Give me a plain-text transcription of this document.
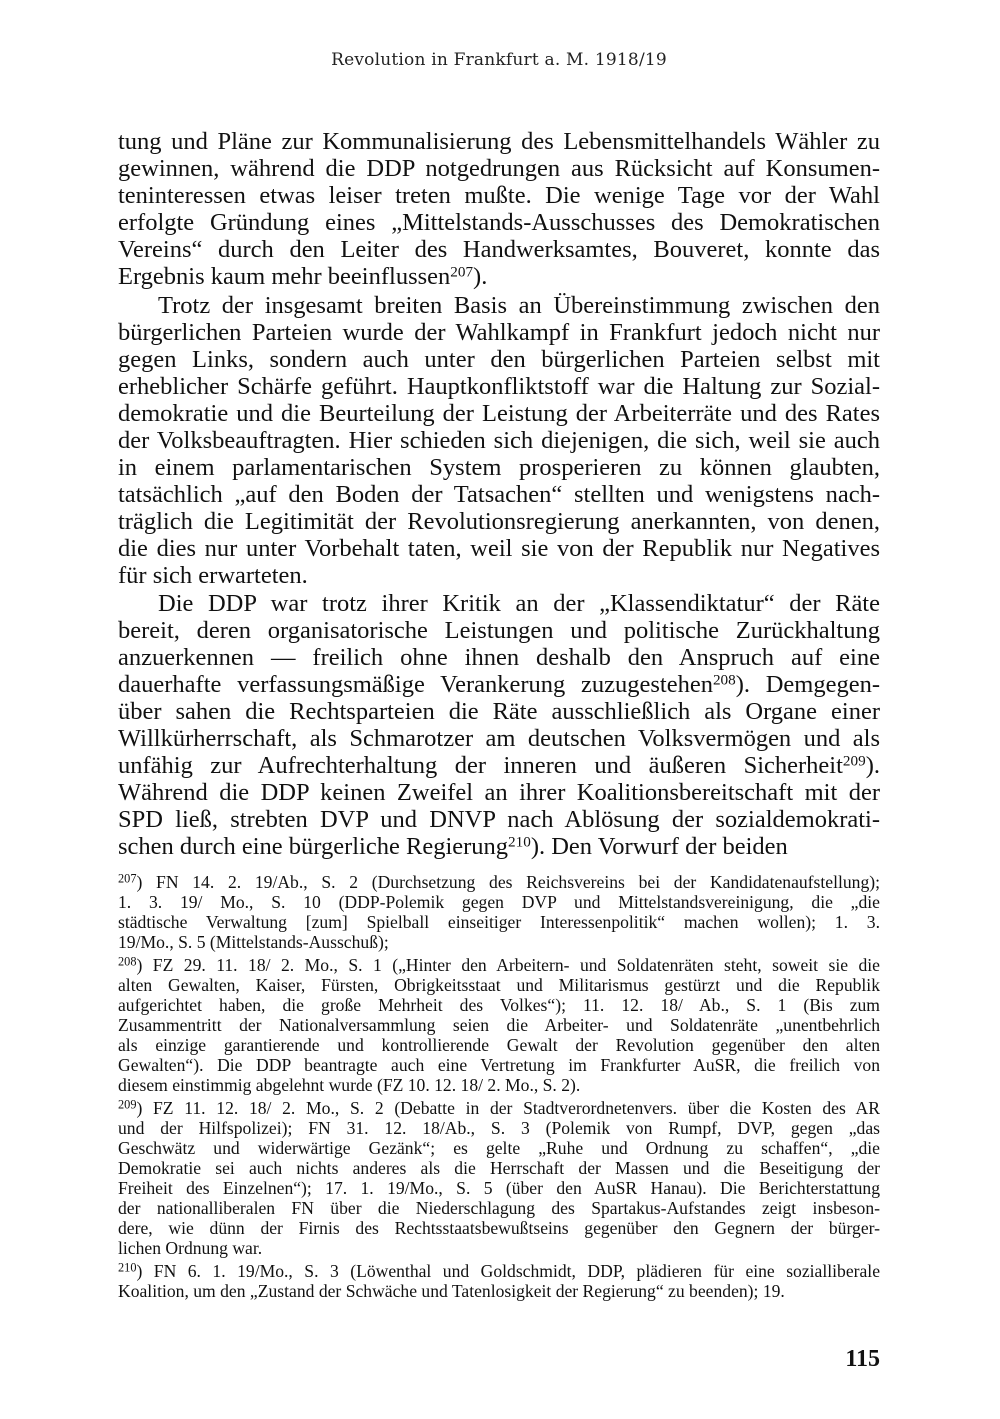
Revolution in Frankfurt a. M. 1918/19
tung und Pläne zur Kommunalisierung des Lebensmittelhandels Wähler zu
gewinnen, während die DDP notgedrungen aus Rücksicht auf Konsumen-
teninteressen etwas leiser treten mußte. Die wenige Tage vor der Wahl
erfolgte Gründung eines „Mittelstands-Ausschusses des Demokratischen
Vereins“ durch den Leiter des Handwerksamtes, Bouveret, konnte das
Ergebnis kaum mehr beeinflussen$^{207}$).
Trotz der insgesamt breiten Basis an Übereinstimmung zwischen den
bürgerlichen Parteien wurde der Wahlkampf in Frankfurt jedoch nicht nur
gegen Links, sondern auch unter den bürgerlichen Parteien selbst mit
erheblicher Schärfe geführt. Hauptkonfliktstoff war die Haltung zur Sozial-
demokratie und die Beurteilung der Leistung der Arbeiterräte und des Rates
der Volksbeauftragten. Hier schieden sich diejenigen, die sich, weil sie auch
in einem parlamentarischen System prosperieren zu können glaubten,
tatsächlich „auf den Boden der Tatsachen“ stellten und wenigstens nach-
träglich die Legitimität der Revolutionsregierung anerkannten, von denen,
die dies nur unter Vorbehalt taten, weil sie von der Republik nur Negatives
für sich erwarteten.
Die DDP war trotz ihrer Kritik an der „Klassendiktatur“ der Räte
bereit, deren organisatorische Leistungen und politische Zurückhaltung
anzuerkennen — freilich ohne ihnen deshalb den Anspruch auf eine
dauerhafte verfassungsmäßige Verankerung zuzugestehen$^{208}$). Demgegen-
über sahen die Rechtsparteien die Räte ausschließlich als Organe einer
Willkürherrschaft, als Schmarotzer am deutschen Volksvermögen und als
unfähig zur Aufrechterhaltung der inneren und äußeren Sicherheit$^{209}$).
Während die DDP keinen Zweifel an ihrer Koalitionsbereitschaft mit der
SPD ließ, strebten DVP und DNVP nach Ablösung der sozialdemokrati-
schen durch eine bürgerliche Regierung$^{210}$). Den Vorwurf der beiden
$^{207}$) FN 14. 2. 19/Ab., S. 2 (Durchsetzung des Reichsvereins bei der Kandidatenaufstellung);
1. 3. 19/ Mo., S. 10 (DDP-Polemik gegen DVP und Mittelstandsvereinigung, die „die
städtische Verwaltung [zum] Spielball einseitiger Interessenpolitik“ machen wollen); 1. 3.
19/Mo., S. 5 (Mittelstands-Ausschuß);
$^{208}$) FZ 29. 11. 18/ 2. Mo., S. 1 („Hinter den Arbeitern- und Soldatenräten steht, soweit sie die
alten Gewalten, Kaiser, Fürsten, Obrigkeitsstaat und Militarismus gestürzt und die Republik
aufgerichtet haben, die große Mehrheit des Volkes“); 11. 12. 18/ Ab., S. 1 (Bis zum
Zusammentritt der Nationalversammlung seien die Arbeiter- und Soldatenräte „unentbehrlich
als einzige garantierende und kontrollierende Gewalt der Revolution gegenüber den alten
Gewalten“). Die DDP beantragte auch eine Vertretung im Frankfurter AuSR, die freilich von
diesem einstimmig abgelehnt wurde (FZ 10. 12. 18/ 2. Mo., S. 2).
$^{209}$) FZ 11. 12. 18/ 2. Mo., S. 2 (Debatte in der Stadtverordnetenvers. über die Kosten des AR
und der Hilfspolizei); FN 31. 12. 18/Ab., S. 3 (Polemik von Rumpf, DVP, gegen „das
Geschwätz und widerwärtige Gezänk“; es gelte „Ruhe und Ordnung zu schaffen“, „die
Demokratie sei auch nichts anderes als die Herrschaft der Massen und die Beseitigung der
Freiheit des Einzelnen“); 17. 1. 19/Mo., S. 5 (über den AuSR Hanau). Die Berichterstattung
der nationalliberalen FN über die Niederschlagung des Spartakus-Aufstandes zeigt insbeson-
dere, wie dünn der Firnis des Rechtsstaatsbewußtseins gegenüber den Gegnern der bürger-
lichen Ordnung war.
$^{210}$) FN 6. 1. 19/Mo., S. 3 (Löwenthal und Goldschmidt, DDP, plädieren für eine sozialliberale
Koalition, um den „Zustand der Schwäche und Tatenlosigkeit der Regierung“ zu beenden); 19.
115
